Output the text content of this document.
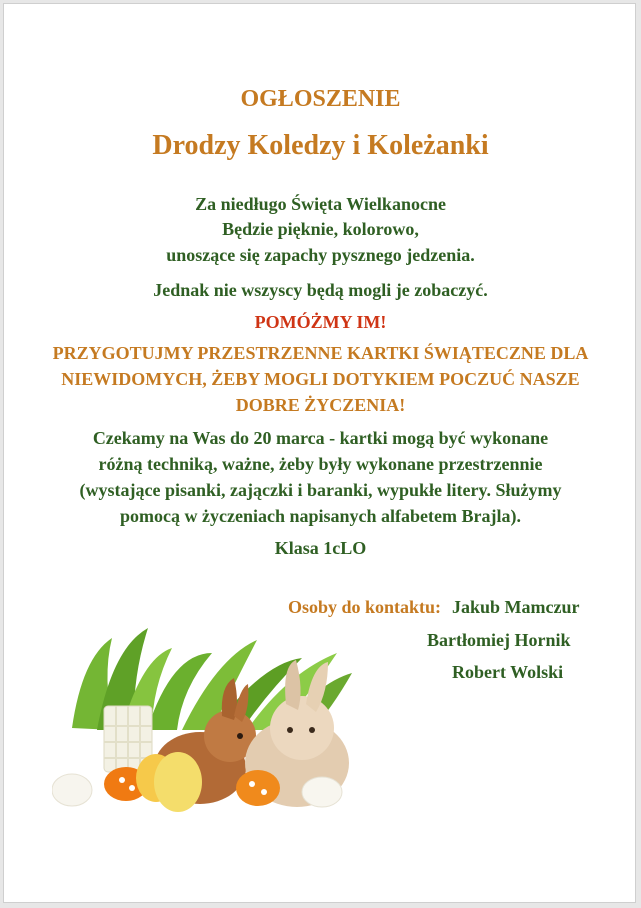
OGŁOSZENIE
Drodzy Koledzy i Koleżanki
Za niedługo Święta Wielkanocne
Będzie pięknie, kolorowo,
unoszące się zapachy pysznego jedzenia.
Jednak nie wszyscy będą mogli je zobaczyć.
POMÓŻMY IM!
PRZYGOTUJMY PRZESTRZENNE KARTKI ŚWIĄTECZNE DLA
NIEWIDOMYCH, ŻEBY MOGLI DOTYKIEM POCZUĆ NASZE
DOBRE ŻYCZENIA!
Czekamy na Was do 20 marca - kartki mogą być wykonane
różną techniką, ważne, żeby były wykonane przestrzennie
(wystające pisanki, zajączki i baranki, wypukłe litery. Służymy
pomocą w życzeniach napisanych alfabetem Brajla).
Klasa 1cLO
Osoby do kontaktu: Jakub Mamczur
Bartłomiej Hornik
Robert Wolski
